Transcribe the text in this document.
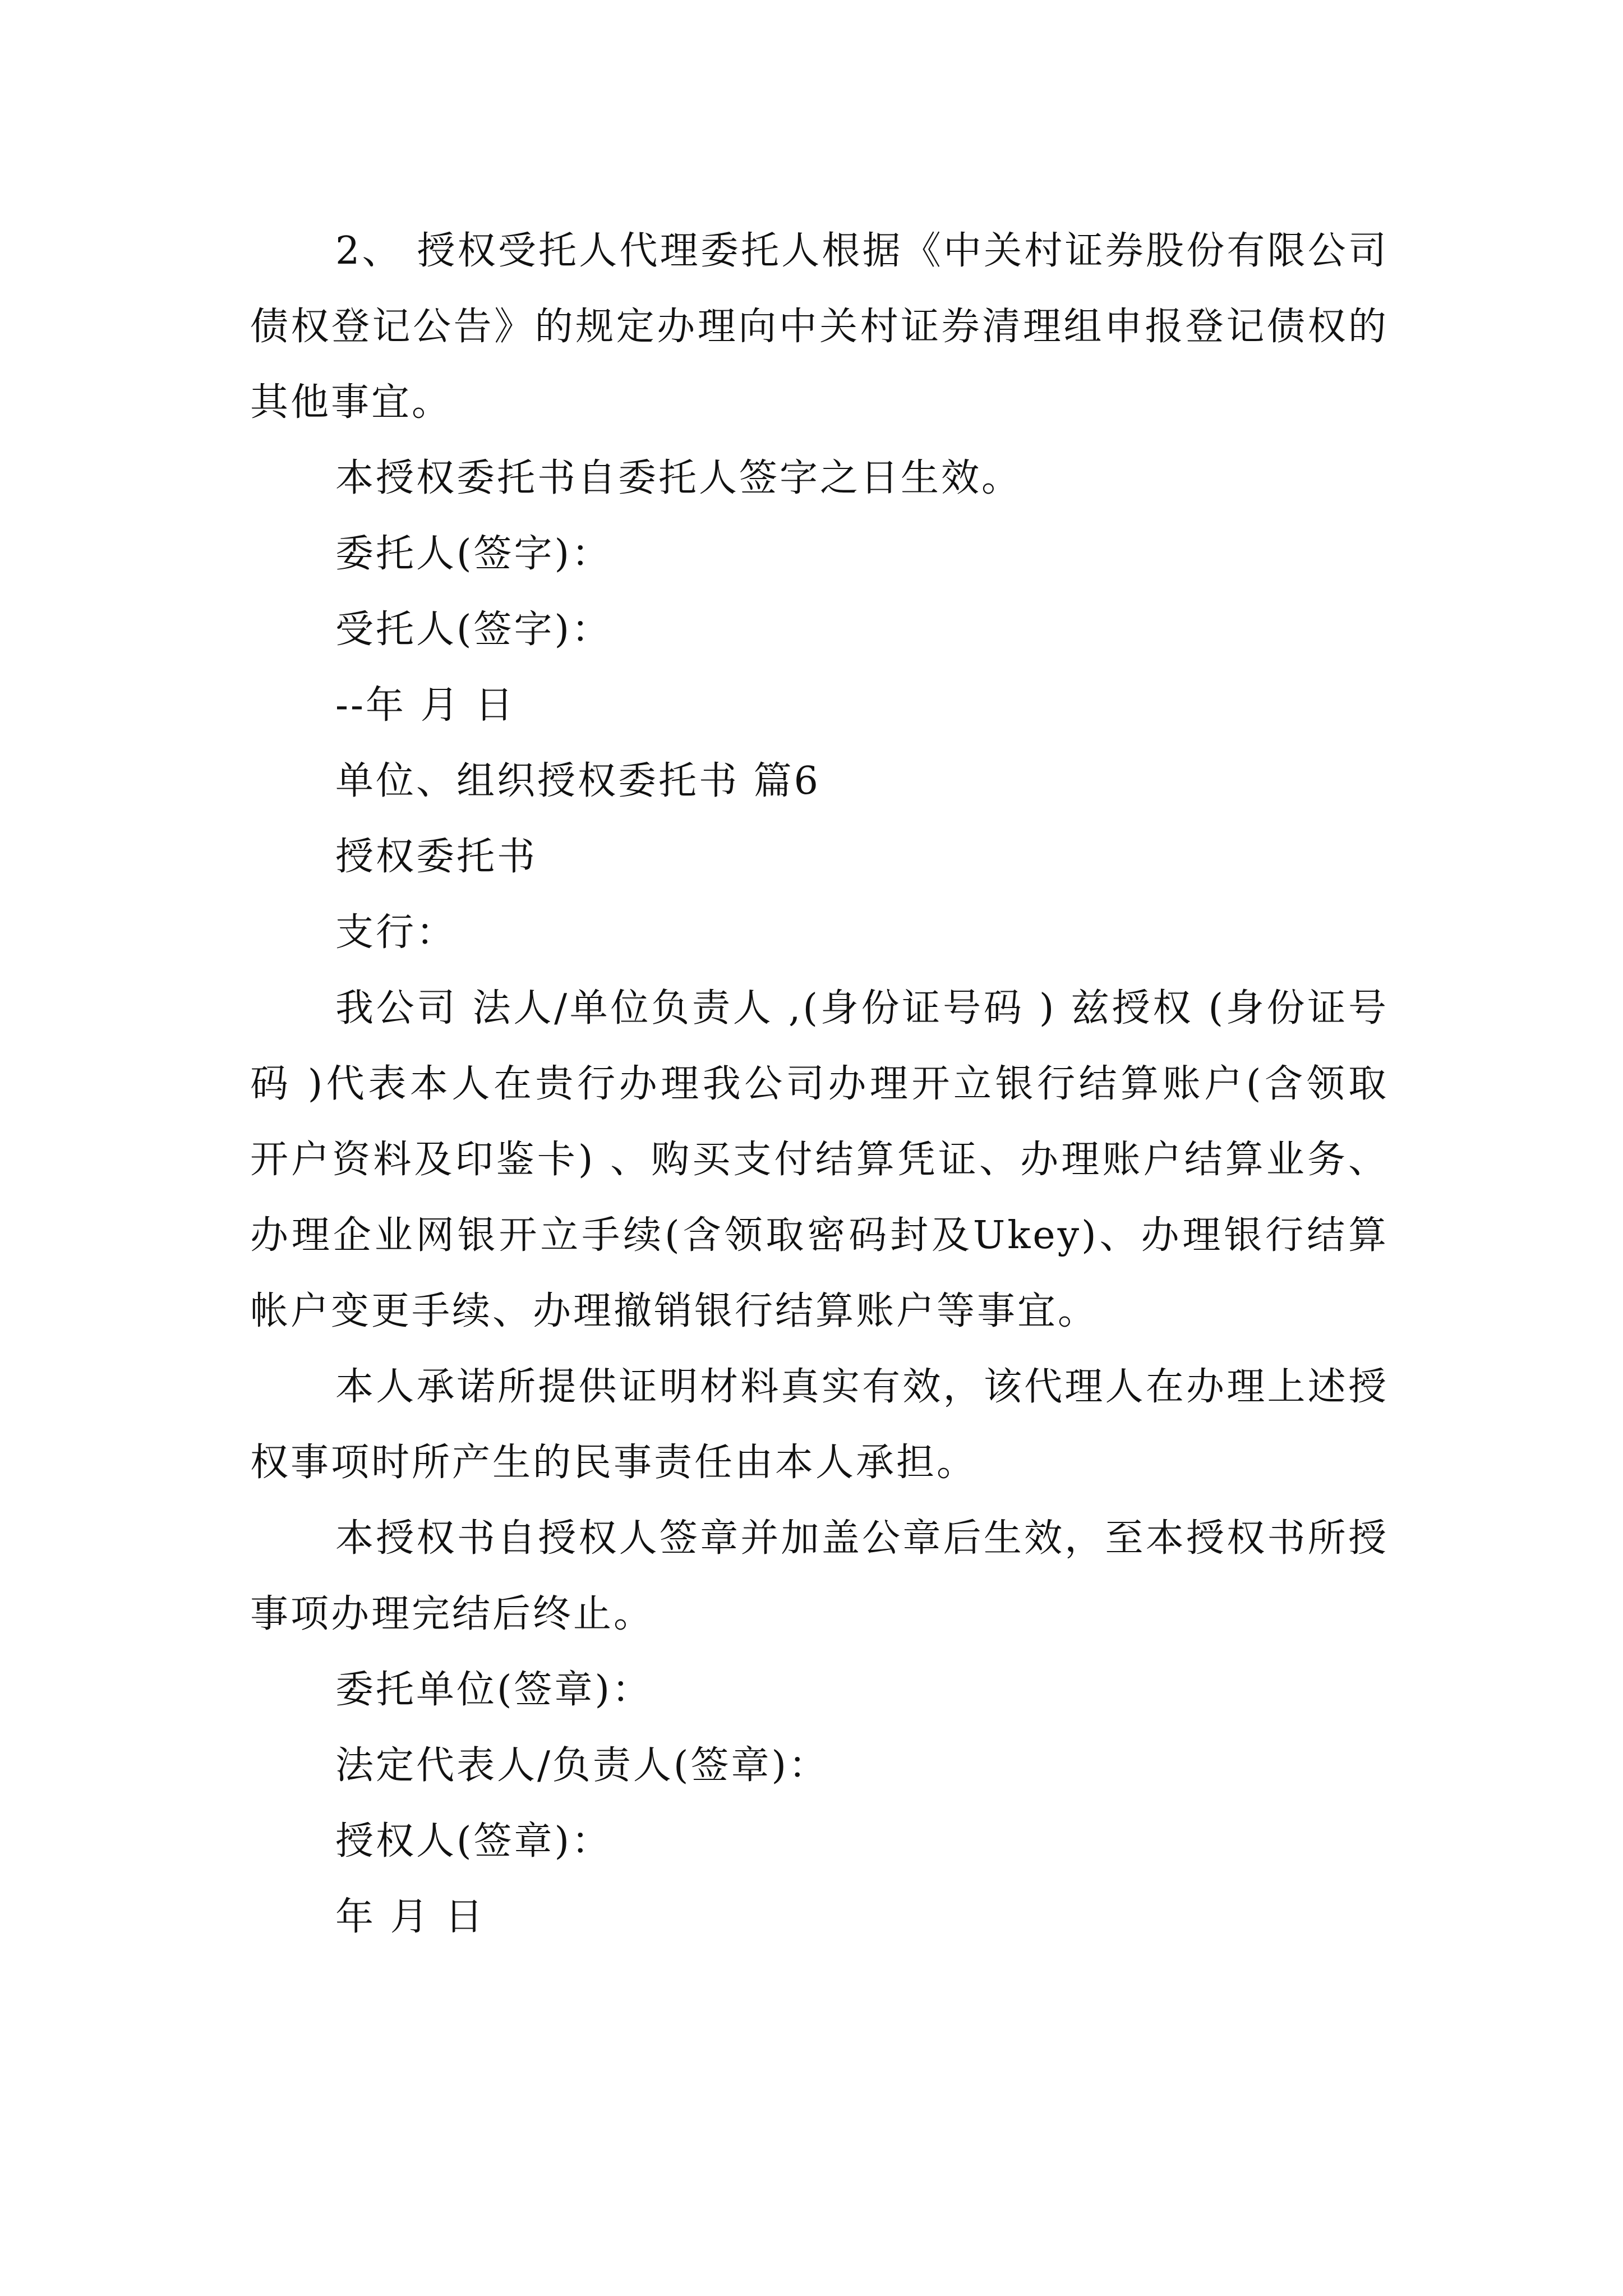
2、 授权受托人代理委托人根据《中关村证券股份有限公司债权登记公告》的规定办理向中关村证券清理组申报登记债权的其他事宜。

本授权委托书自委托人签字之日生效。

委托人(签字)：

受托人(签字)：

--年 月 日

单位、组织授权委托书 篇6

授权委托书

支行：

我公司 法人/单位负责人 ,(身份证号码 ) 兹授权 (身份证号码 )代表本人在贵行办理我公司办理开立银行结算账户(含领取开户资料及印鉴卡) 、购买支付结算凭证、办理账户结算业务、办理企业网银开立手续(含领取密码封及Ukey)、办理银行结算帐户变更手续、办理撤销银行结算账户等事宜。

本人承诺所提供证明材料真实有效，该代理人在办理上述授权事项时所产生的民事责任由本人承担。

本授权书自授权人签章并加盖公章后生效，至本授权书所授事项办理完结后终止。

委托单位(签章)：

法定代表人/负责人(签章)：

授权人(签章)：

年 月 日
